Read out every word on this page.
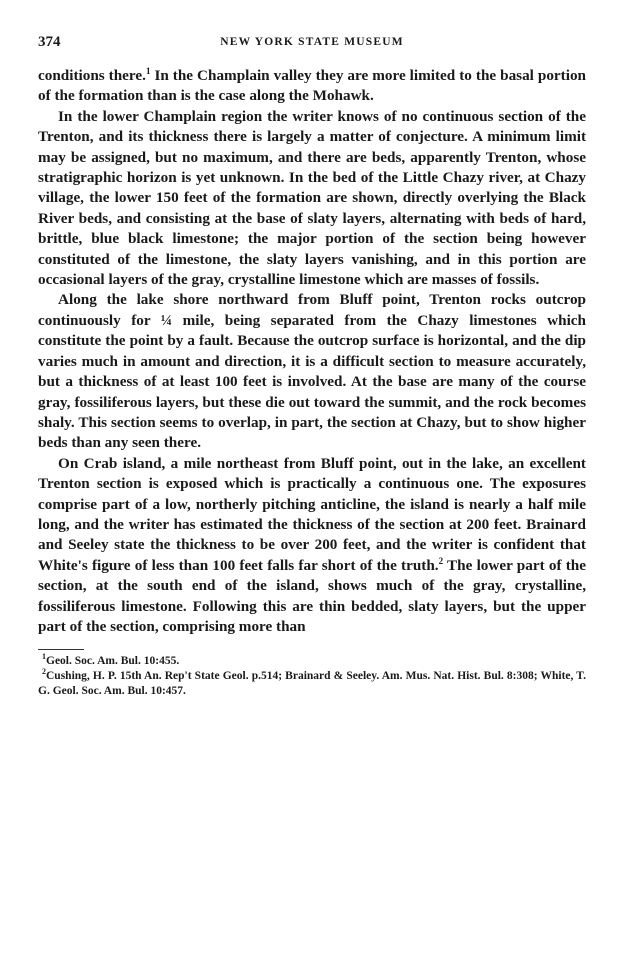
374	NEW YORK STATE MUSEUM

conditions there.$^1$ In the Champlain valley they are more limited to the basal portion of the formation than is the case along the Mohawk.

In the lower Champlain region the writer knows of no continuous section of the Trenton, and its thickness there is largely a matter of conjecture. A minimum limit may be assigned, but no maximum, and there are beds, apparently Trenton, whose stratigraphic horizon is yet unknown. In the bed of the Little Chazy river, at Chazy village, the lower 150 feet of the formation are shown, directly overlying the Black River beds, and consisting at the base of slaty layers, alternating with beds of hard, brittle, blue black limestone; the major portion of the section being however constituted of the limestone, the slaty layers vanishing, and in this portion are occasional layers of the gray, crystalline limestone which are masses of fossils.

Along the lake shore northward from Bluff point, Trenton rocks outcrop continuously for ¼ mile, being separated from the Chazy limestones which constitute the point by a fault. Because the outcrop surface is horizontal, and the dip varies much in amount and direction, it is a difficult section to measure accurately, but a thickness of at least 100 feet is involved. At the base are many of the course gray, fossiliferous layers, but these die out toward the summit, and the rock becomes shaly. This section seems to overlap, in part, the section at Chazy, but to show higher beds than any seen there.

On Crab island, a mile northeast from Bluff point, out in the lake, an excellent Trenton section is exposed which is practically a continuous one. The exposures comprise part of a low, northerly pitching anticline, the island is nearly a half mile long, and the writer has estimated the thickness of the section at 200 feet. Brainard and Seeley state the thickness to be over 200 feet, and the writer is confident that White's figure of less than 100 feet falls far short of the truth.$^2$ The lower part of the section, at the south end of the island, shows much of the gray, crystalline, fossiliferous limestone. Following this are thin bedded, slaty layers, but the upper part of the section, comprising more than

$^1$Geol. Soc. Am. Bul. 10:455.

$^2$Cushing, H. P. 15th An. Rep't State Geol. p.514; Brainard & Seeley. Am. Mus. Nat. Hist. Bul. 8:308; White, T. G. Geol. Soc. Am. Bul. 10:457.
